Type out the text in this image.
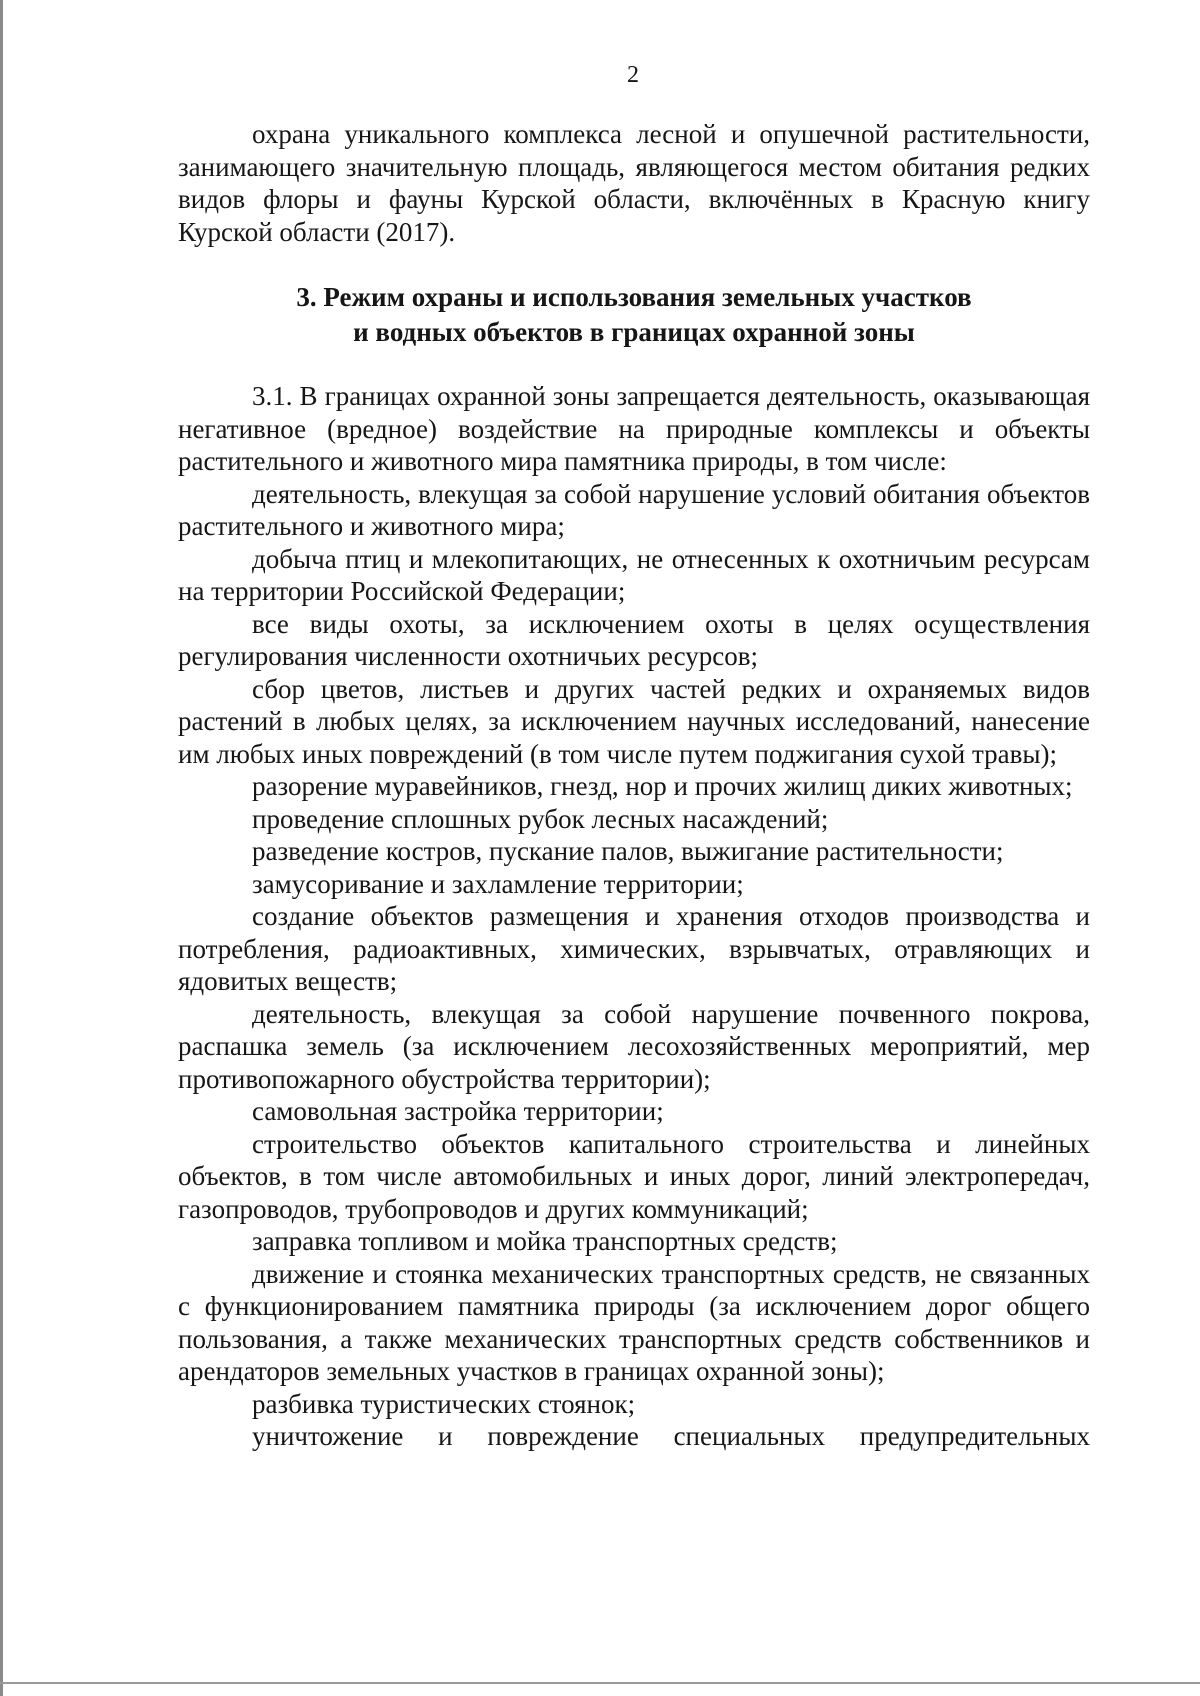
2

охрана уникального комплекса лесной и опушечной растительности, занимающего значительную площадь, являющегося местом обитания редких видов флоры и фауны Курской области, включённых в Красную книгу Курской области (2017).

3. Режим охраны и использования земельных участков
и водных объектов в границах охранной зоны

3.1. В границах охранной зоны запрещается деятельность, оказывающая негативное (вредное) воздействие на природные комплексы и объекты растительного и животного мира памятника природы, в том числе:

деятельность, влекущая за собой нарушение условий обитания объектов растительного и животного мира;

добыча птиц и млекопитающих, не отнесенных к охотничьим ресурсам на территории Российской Федерации;

все виды охоты, за исключением охоты в целях осуществления регулирования численности охотничьих ресурсов;

сбор цветов, листьев и других частей редких и охраняемых видов растений в любых целях, за исключением научных исследований, нанесение им любых иных повреждений (в том числе путем поджигания сухой травы);

разорение муравейников, гнезд, нор и прочих жилищ диких животных;

проведение сплошных рубок лесных насаждений;

разведение костров, пускание палов, выжигание растительности;

замусоривание и захламление территории;

создание объектов размещения и хранения отходов производства и потребления, радиоактивных, химических, взрывчатых, отравляющих и ядовитых веществ;

деятельность, влекущая за собой нарушение почвенного покрова, распашка земель (за исключением лесохозяйственных мероприятий, мер противопожарного обустройства территории);

самовольная застройка территории;

строительство объектов капитального строительства и линейных объектов, в том числе автомобильных и иных дорог, линий электропередач, газопроводов, трубопроводов и других коммуникаций;

заправка топливом и мойка транспортных средств;

движение и стоянка механических транспортных средств, не связанных с функционированием памятника природы (за исключением дорог общего пользования, а также механических транспортных средств собственников и арендаторов земельных участков в границах охранной зоны);

разбивка туристических стоянок;

уничтожение и повреждение специальных предупредительных
